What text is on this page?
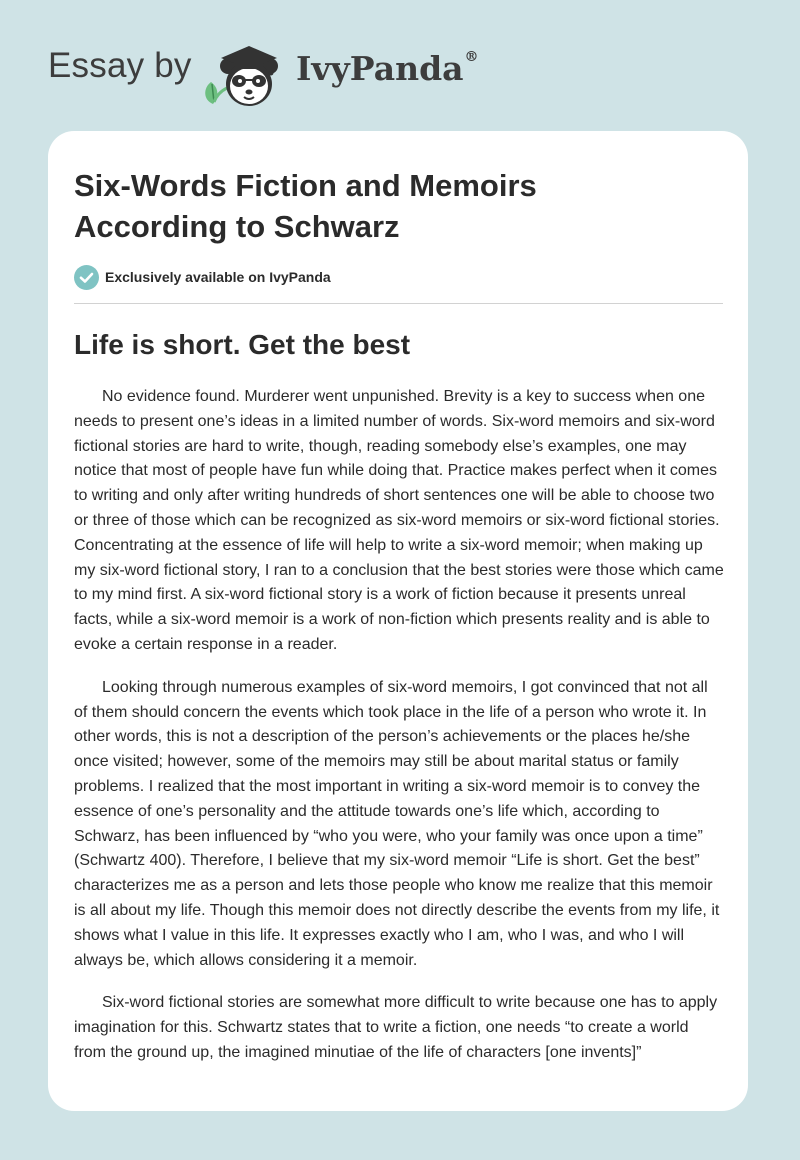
Essay by	IvyPanda®
Six-Words Fiction and Memoirs According to Schwarz
Exclusively available on IvyPanda
Life is short. Get the best

No evidence found. Murderer went unpunished. Brevity is a key to success when one needs to present one’s ideas in a limited number of words. Six-word memoirs and six-word fictional stories are hard to write, though, reading somebody else’s examples, one may notice that most of people have fun while doing that. Practice makes perfect when it comes to writing and only after writing hundreds of short sentences one will be able to choose two or three of those which can be recognized as six-word memoirs or six-word fictional stories. Concentrating at the essence of life will help to write a six-word memoir; when making up my six-word fictional story, I ran to a conclusion that the best stories were those which came to my mind first. A six-word fictional story is a work of fiction because it presents unreal facts, while a six-word memoir is a work of non-fiction which presents reality and is able to evoke a certain response in a reader.

Looking through numerous examples of six-word memoirs, I got convinced that not all of them should concern the events which took place in the life of a person who wrote it. In other words, this is not a description of the person’s achievements or the places he/she once visited; however, some of the memoirs may still be about marital status or family problems. I realized that the most important in writing a six-word memoir is to convey the essence of one’s personality and the attitude towards one’s life which, according to Schwarz, has been influenced by “who you were, who your family was once upon a time” (Schwartz 400). Therefore, I believe that my six-word memoir “Life is short. Get the best” characterizes me as a person and lets those people who know me realize that this memoir is all about my life. Though this memoir does not directly describe the events from my life, it shows what I value in this life. It expresses exactly who I am, who I was, and who I will always be, which allows considering it a memoir.

Six-word fictional stories are somewhat more difficult to write because one has to apply imagination for this. Schwartz states that to write a fiction, one needs “to create a world from the ground up, the imagined minutiae of the life of characters [one invents]”
